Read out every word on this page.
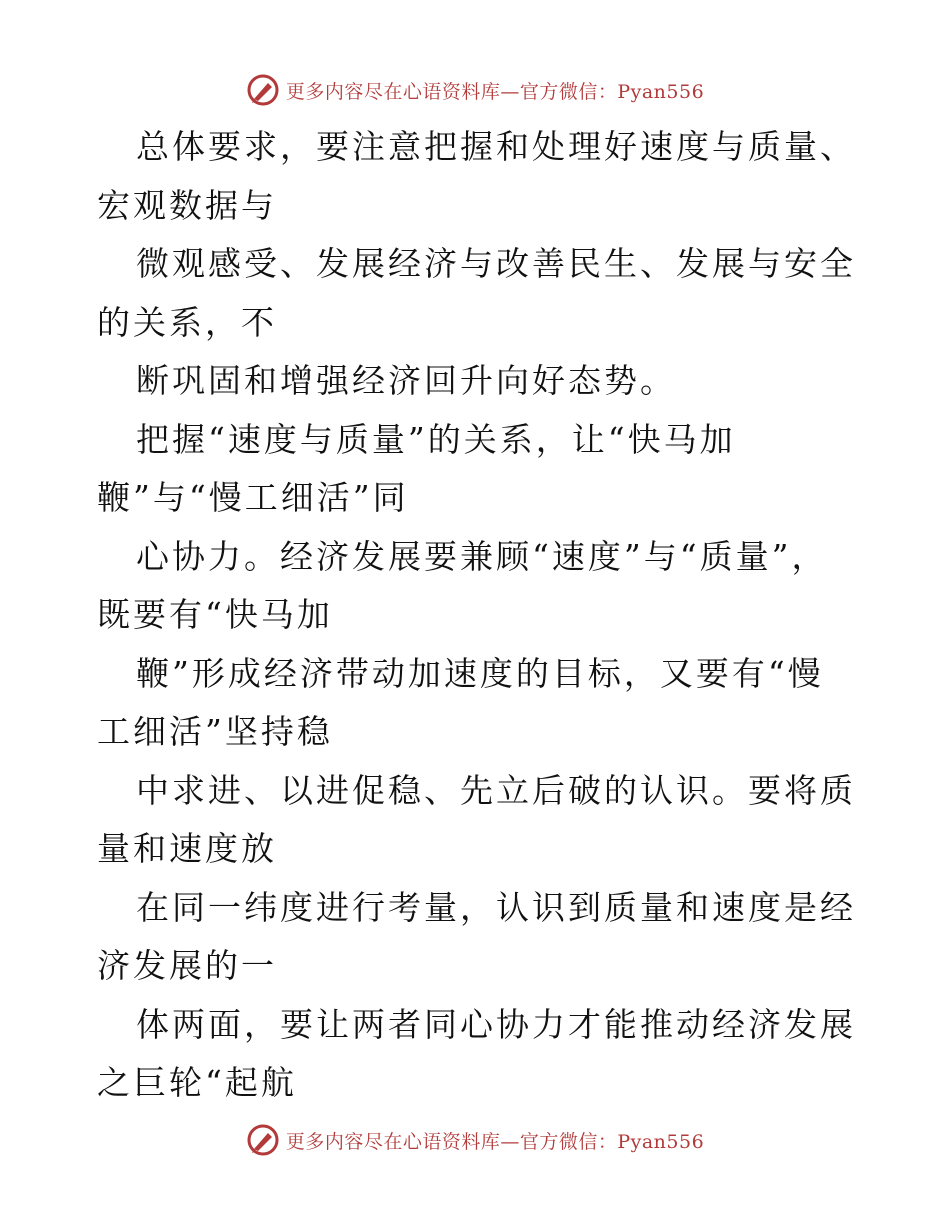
更多内容尽在心语资料库—官方微信：Pyan556

总体要求，要注意把握和处理好速度与质量、宏观数据与

微观感受、发展经济与改善民生、发展与安全的关系，不

断巩固和增强经济回升向好态势。

把握“速度与质量”的关系，让“快马加鞭”与“慢工细活”同

心协力。经济发展要兼顾“速度”与“质量”，既要有“快马加

鞭”形成经济带动加速度的目标，又要有“慢工细活”坚持稳

中求进、以进促稳、先立后破的认识。要将质量和速度放

在同一纬度进行考量，认识到质量和速度是经济发展的一

体两面，要让两者同心协力才能推动经济发展之巨轮“起航

更多内容尽在心语资料库—官方微信：Pyan556
